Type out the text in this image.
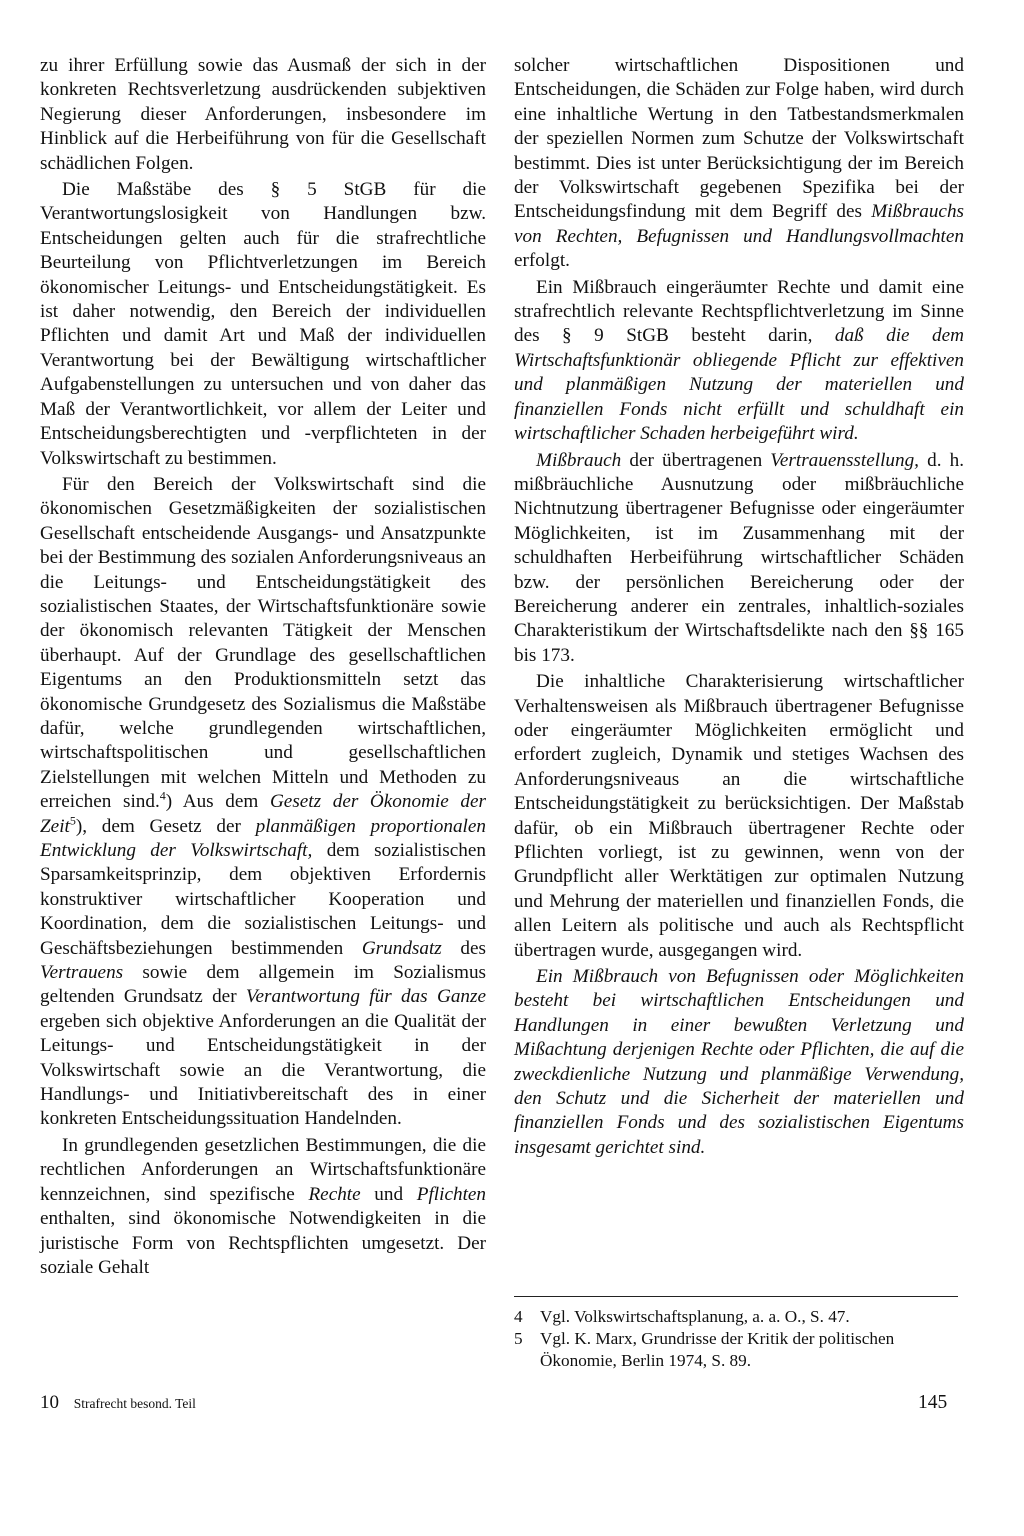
zu ihrer Erfüllung sowie das Ausmaß der sich in der konkreten Rechtsverletzung ausdrückenden subjektiven Negierung dieser Anforderungen, insbesondere im Hinblick auf die Herbeiführung von für die Gesellschaft schädlichen Folgen.

Die Maßstäbe des § 5 StGB für die Verantwortungslosigkeit von Handlungen bzw. Entscheidungen gelten auch für die strafrechtliche Beurteilung von Pflichtverletzungen im Bereich ökonomischer Leitungs- und Entscheidungstätigkeit. Es ist daher notwendig, den Bereich der individuellen Pflichten und damit Art und Maß der individuellen Verantwortung bei der Bewältigung wirtschaftlicher Aufgabenstellungen zu untersuchen und von daher das Maß der Verantwortlichkeit, vor allem der Leiter und Entscheidungsberechtigten und -verpflichteten in der Volkswirtschaft zu bestimmen.

Für den Bereich der Volkswirtschaft sind die ökonomischen Gesetzmäßigkeiten der sozialistischen Gesellschaft entscheidende Ausgangs- und Ansatzpunkte bei der Bestimmung des sozialen Anforderungsniveaus an die Leitungs- und Entscheidungstätigkeit des sozialistischen Staates, der Wirtschaftsfunktionäre sowie der ökonomisch relevanten Tätigkeit der Menschen überhaupt. Auf der Grundlage des gesellschaftlichen Eigentums an den Produktionsmitteln setzt das ökonomische Grundgesetz des Sozialismus die Maßstäbe dafür, welche grundlegenden wirtschaftlichen, wirtschaftspolitischen und gesellschaftlichen Zielstellungen mit welchen Mitteln und Methoden zu erreichen sind.$^4$) Aus dem Gesetz der Ökonomie der Zeit$^5$), dem Gesetz der planmäßigen proportionalen Entwicklung der Volkswirtschaft, dem sozialistischen Sparsamkeitsprinzip, dem objektiven Erfordernis konstruktiver wirtschaftlicher Kooperation und Koordination, dem die sozialistischen Leitungs- und Geschäftsbeziehungen bestimmenden Grundsatz des Vertrauens sowie dem allgemein im Sozialismus geltenden Grundsatz der Verantwortung für das Ganze ergeben sich objektive Anforderungen an die Qualität der Leitungs- und Entscheidungstätigkeit in der Volkswirtschaft sowie an die Verantwortung, die Handlungs- und Initiativbereitschaft des in einer konkreten Entscheidungssituation Handelnden.

In grundlegenden gesetzlichen Bestimmungen, die die rechtlichen Anforderungen an Wirtschaftsfunktionäre kennzeichnen, sind spezifische Rechte und Pflichten enthalten, sind ökonomische Notwendigkeiten in die juristische Form von Rechtspflichten umgesetzt. Der soziale Gehalt

solcher wirtschaftlichen Dispositionen und Entscheidungen, die Schäden zur Folge haben, wird durch eine inhaltliche Wertung in den Tatbestandsmerkmalen der speziellen Normen zum Schutze der Volkswirtschaft bestimmt. Dies ist unter Berücksichtigung der im Bereich der Volkswirtschaft gegebenen Spezifika bei der Entscheidungsfindung mit dem Begriff des Mißbrauchs von Rechten, Befugnissen und Handlungsvollmachten erfolgt.

Ein Mißbrauch eingeräumter Rechte und damit eine strafrechtlich relevante Rechtspflichtverletzung im Sinne des § 9 StGB besteht darin, daß die dem Wirtschaftsfunktionär obliegende Pflicht zur effektiven und planmäßigen Nutzung der materiellen und finanziellen Fonds nicht erfüllt und schuldhaft ein wirtschaftlicher Schaden herbeigeführt wird.

Mißbrauch der übertragenen Vertrauensstellung, d. h. mißbräuchliche Ausnutzung oder mißbräuchliche Nichtnutzung übertragener Befugnisse oder eingeräumter Möglichkeiten, ist im Zusammenhang mit der schuldhaften Herbeiführung wirtschaftlicher Schäden bzw. der persönlichen Bereicherung oder der Bereicherung anderer ein zentrales, inhaltlich-soziales Charakteristikum der Wirtschaftsdelikte nach den §§ 165 bis 173.

Die inhaltliche Charakterisierung wirtschaftlicher Verhaltensweisen als Mißbrauch übertragener Befugnisse oder eingeräumter Möglichkeiten ermöglicht und erfordert zugleich, Dynamik und stetiges Wachsen des Anforderungsniveaus an die wirtschaftliche Entscheidungstätigkeit zu berücksichtigen. Der Maßstab dafür, ob ein Mißbrauch übertragener Rechte oder Pflichten vorliegt, ist zu gewinnen, wenn von der Grundpflicht aller Werktätigen zur optimalen Nutzung und Mehrung der materiellen und finanziellen Fonds, die allen Leitern als politische und auch als Rechtspflicht übertragen wurde, ausgegangen wird.

Ein Mißbrauch von Befugnissen oder Möglichkeiten besteht bei wirtschaftlichen Entscheidungen und Handlungen in einer bewußten Verletzung und Mißachtung derjenigen Rechte oder Pflichten, die auf die zweckdienliche Nutzung und planmäßige Verwendung, den Schutz und die Sicherheit der materiellen und finanziellen Fonds und des sozialistischen Eigentums insgesamt gerichtet sind.

4	Vgl. Volkswirtschaftsplanung, a. a. O., S. 47.
5	Vgl. K. Marx, Grundrisse der Kritik der politischen
Ökonomie, Berlin 1974, S. 89.
10 Strafrecht besond. Teil	145
